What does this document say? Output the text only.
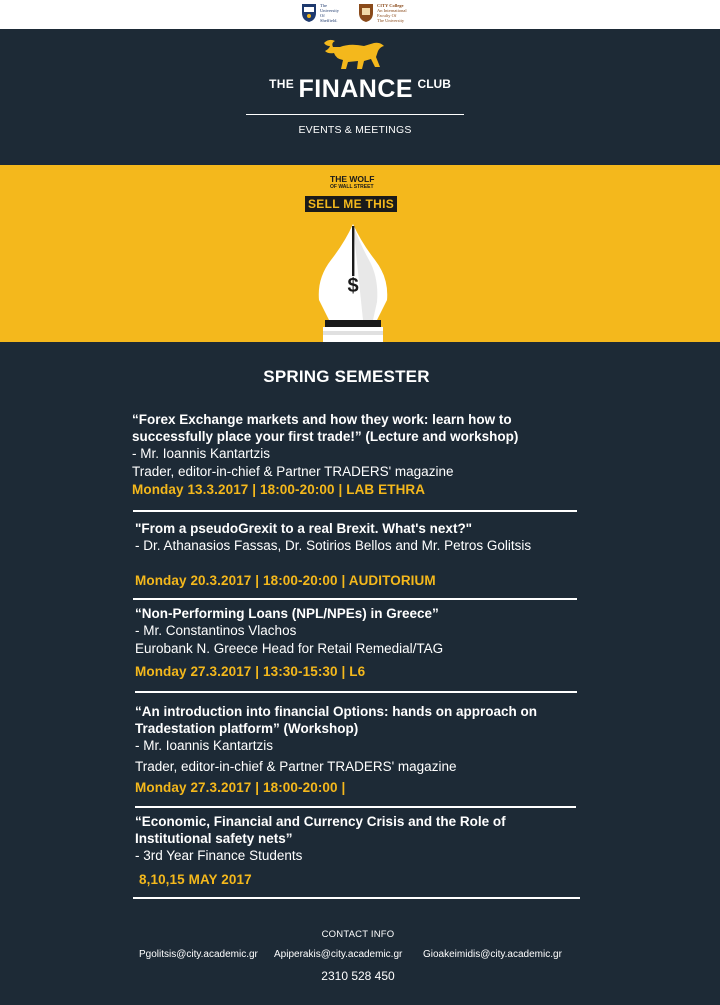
The
University
Of
Sheffield.
CITY College
An International
Faculty Of
The University
$^{THE}$ FINANCE $^{CLUB}$
EVENTS & MEETINGS
THE WOLF
OF WALL STREET
SELL ME THIS
$
SPRING SEMESTER
“Forex Exchange markets and how they work: learn how to
successfully place your first trade!” (Lecture and workshop)
- Mr. Ioannis Kantartzis
Trader, editor-in-chief & Partner TRADERS' magazine
Monday 13.3.2017 | 18:00-20:00 | LAB ETHRA
"From a pseudoGrexit to a real Brexit. What's next?"
- Dr. Athanasios Fassas, Dr. Sotirios Bellos and Mr. Petros Golitsis
Monday 20.3.2017 | 18:00-20:00 | AUDITORIUM
“Non-Performing Loans (NPL/NPEs) in Greece”
- Mr. Constantinos Vlachos
Eurobank N. Greece Head for Retail Remedial/TAG
Monday 27.3.2017 | 13:30-15:30 | L6
“An introduction into financial Options: hands on approach on
Tradestation platform” (Workshop)
- Mr. Ioannis Kantartzis
Trader, editor-in-chief & Partner TRADERS' magazine
Monday 27.3.2017 | 18:00-20:00 |
“Economic, Financial and Currency Crisis and the Role of
Institutional safety nets”
- 3rd Year Finance Students
8,10,15 MAY 2017
CONTACT INFO
Pgolitsis@city.academic.gr Apiperakis@city.academic.gr Gioakeimidis@city.academic.gr
2310 528 450
